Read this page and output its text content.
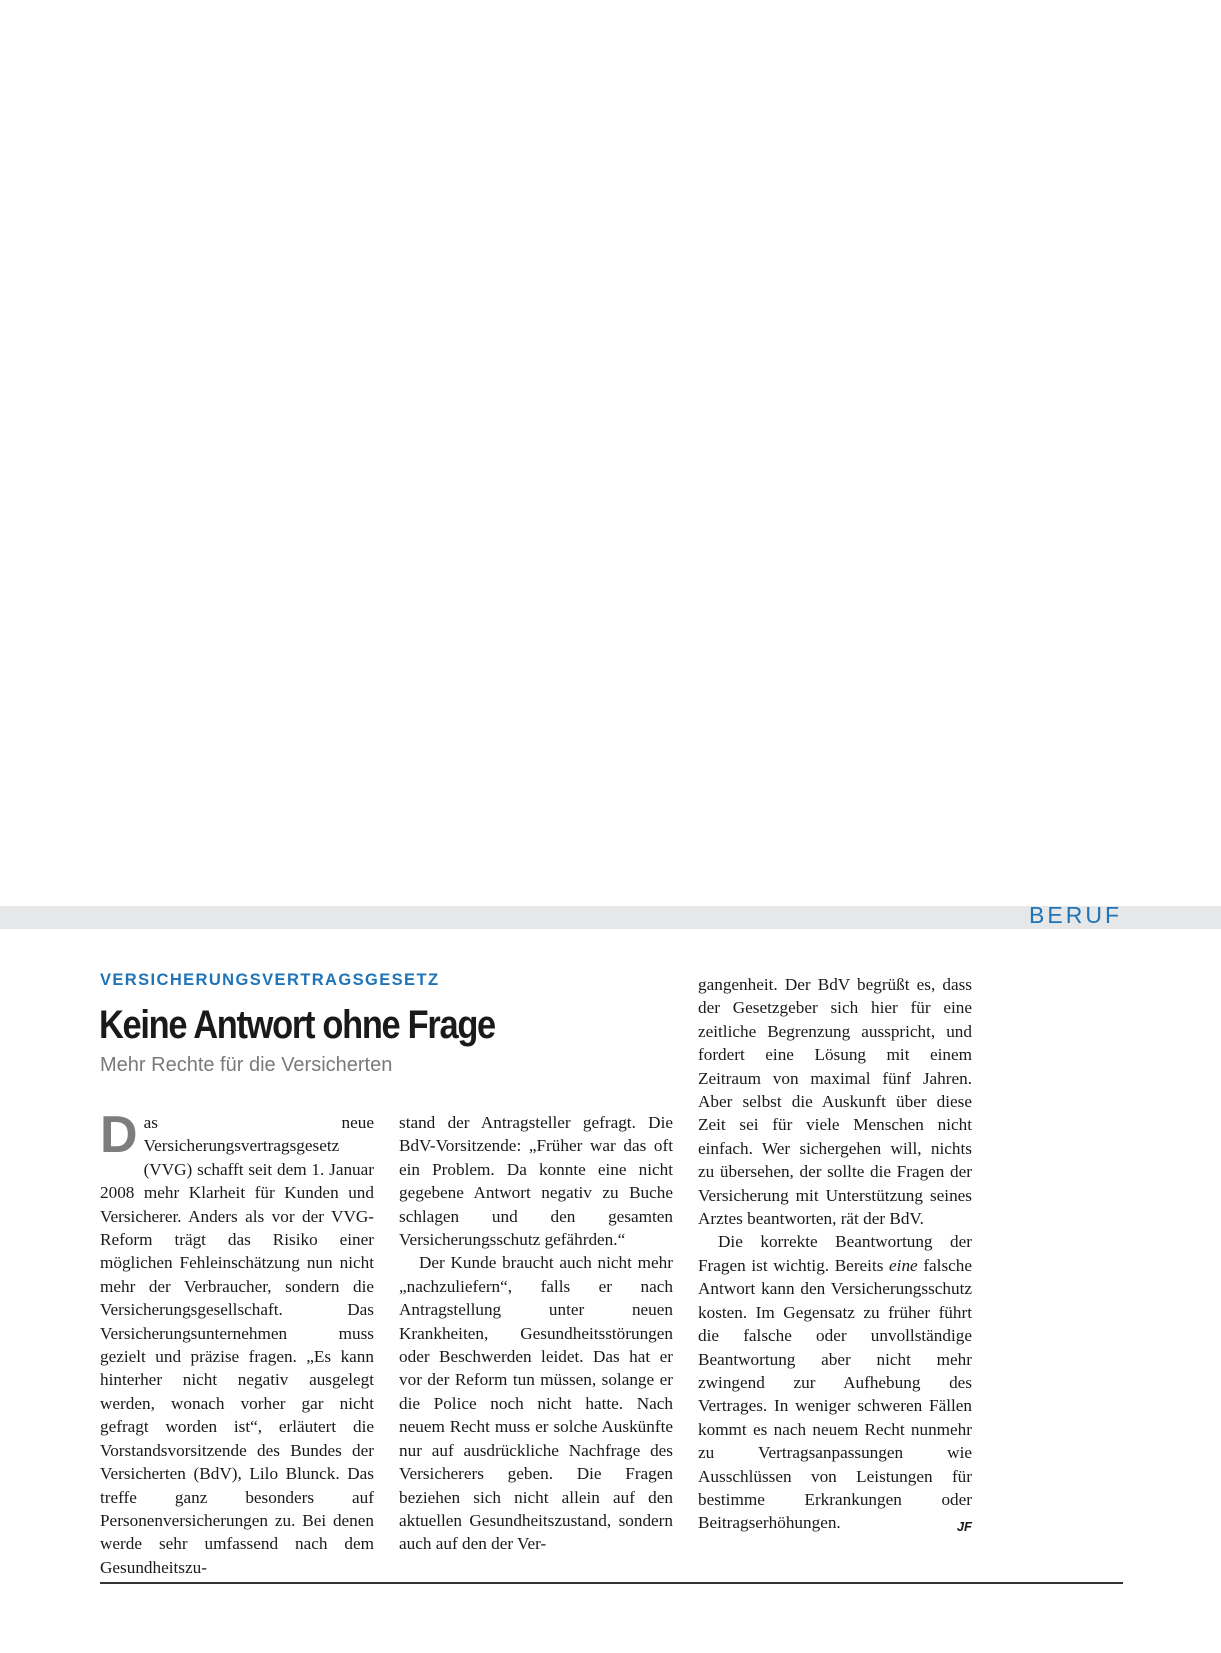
BERUF
VERSICHERUNGSVERTRAGSGESETZ
Keine Antwort ohne Frage
Mehr Rechte für die Versicherten

Das neue Versicherungsvertragsgesetz (VVG) schafft seit dem 1. Januar 2008 mehr Klarheit für Kunden und Versicherer. Anders als vor der VVG-Reform trägt das Risiko einer möglichen Fehleinschätzung nun nicht mehr der Verbraucher, sondern die Versicherungsgesellschaft. Das Versicherungsunternehmen muss gezielt und präzise fragen. „Es kann hinterher nicht negativ ausgelegt werden, wonach vorher gar nicht gefragt worden ist“, erläutert die Vorstandsvorsitzende des Bundes der Versicherten (BdV), Lilo Blunck. Das treffe ganz besonders auf Personenversicherungen zu. Bei denen werde sehr umfassend nach dem Gesundheitszu-

stand der Antragsteller gefragt. Die BdV-Vorsitzende: „Früher war das oft ein Problem. Da konnte eine nicht gegebene Antwort negativ zu Buche schlagen und den gesamten Versicherungsschutz gefährden.“

Der Kunde braucht auch nicht mehr „nachzuliefern“, falls er nach Antragstellung unter neuen Krankheiten, Gesundheitsstörungen oder Beschwerden leidet. Das hat er vor der Reform tun müssen, solange er die Police noch nicht hatte. Nach neuem Recht muss er solche Auskünfte nur auf ausdrückliche Nachfrage des Versicherers geben. Die Fragen beziehen sich nicht allein auf den aktuellen Gesundheitszustand, sondern auch auf den der Ver-

gangenheit. Der BdV begrüßt es, dass der Gesetzgeber sich hier für eine zeitliche Begrenzung ausspricht, und fordert eine Lösung mit einem Zeitraum von maximal fünf Jahren. Aber selbst die Auskunft über diese Zeit sei für viele Menschen nicht einfach. Wer sichergehen will, nichts zu übersehen, der sollte die Fragen der Versicherung mit Unterstützung seines Arztes beantworten, rät der BdV.

Die korrekte Beantwortung der Fragen ist wichtig. Bereits eine falsche Antwort kann den Versicherungsschutz kosten. Im Gegensatz zu früher führt die falsche oder unvollständige Beantwortung aber nicht mehr zwingend zur Aufhebung des Vertrages. In weniger schweren Fällen kommt es nach neuem Recht nunmehr zu Vertragsanpassungen wie Ausschlüssen von Leistungen für bestimme Erkrankungen oder Beitragserhöhungen.	JF
